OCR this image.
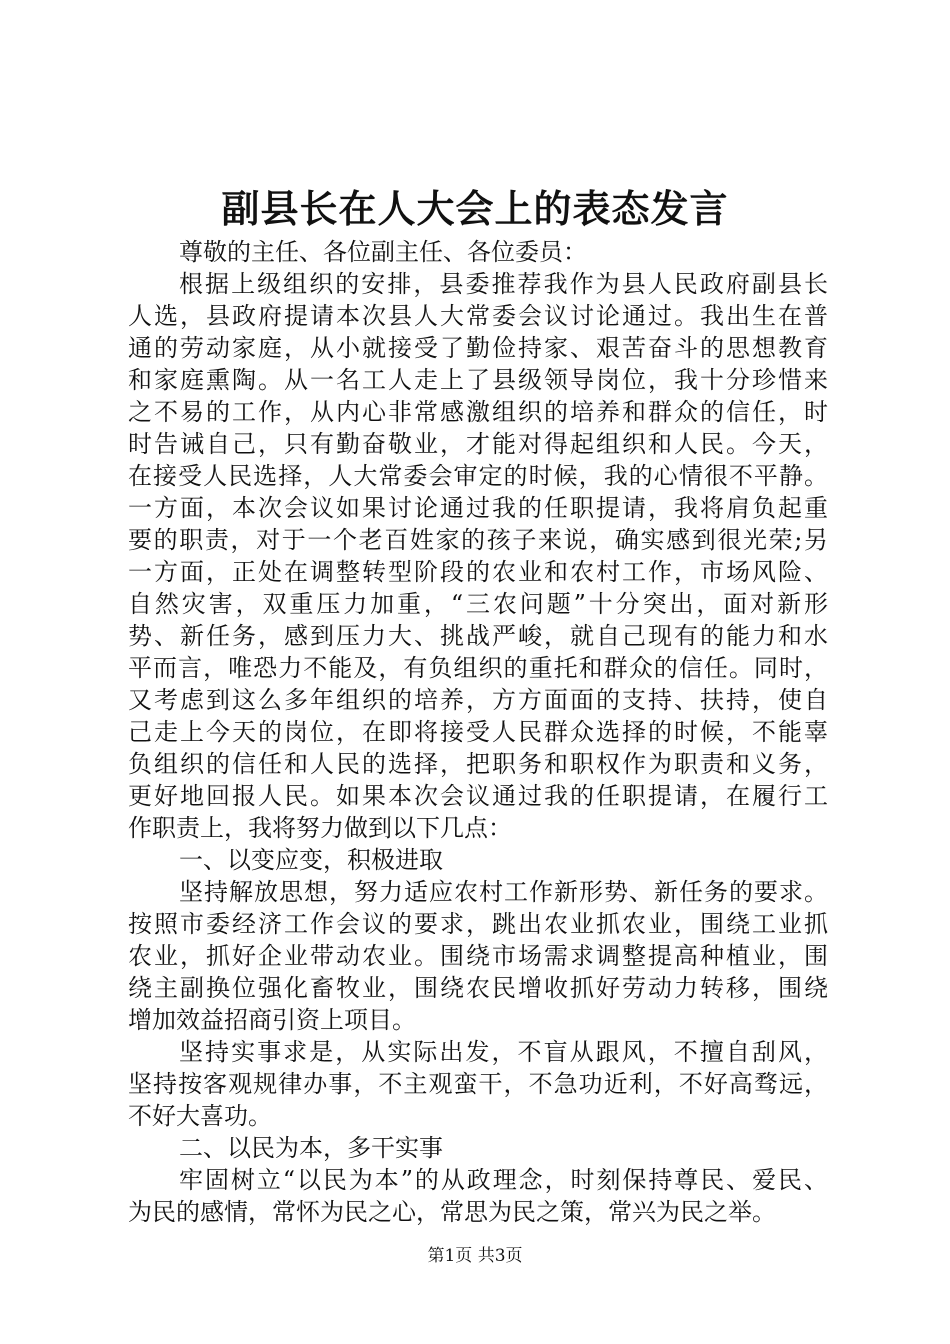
副县长在人大会上的表态发言
尊敬的主任、各位副主任、各位委员：
根据上级组织的安排，县委推荐我作为县人民政府副县长
人选，县政府提请本次县人大常委会议讨论通过。我出生在普
通的劳动家庭，从小就接受了勤俭持家、艰苦奋斗的思想教育
和家庭熏陶。从一名工人走上了县级领导岗位，我十分珍惜来
之不易的工作，从内心非常感激组织的培养和群众的信任，时
时告诫自己，只有勤奋敬业，才能对得起组织和人民。今天，
在接受人民选择，人大常委会审定的时候，我的心情很不平静。
一方面，本次会议如果讨论通过我的任职提请，我将肩负起重
要的职责，对于一个老百姓家的孩子来说，确实感到很光荣;另
一方面，正处在调整转型阶段的农业和农村工作，市场风险、
自然灾害，双重压力加重，“三农问题”十分突出，面对新形
势、新任务，感到压力大、挑战严峻，就自己现有的能力和水
平而言，唯恐力不能及，有负组织的重托和群众的信任。同时，
又考虑到这么多年组织的培养，方方面面的支持、扶持，使自
己走上今天的岗位，在即将接受人民群众选择的时候，不能辜
负组织的信任和人民的选择，把职务和职权作为职责和义务，
更好地回报人民。如果本次会议通过我的任职提请，在履行工
作职责上，我将努力做到以下几点：
一、以变应变，积极进取
坚持解放思想，努力适应农村工作新形势、新任务的要求。
按照市委经济工作会议的要求，跳出农业抓农业，围绕工业抓
农业，抓好企业带动农业。围绕市场需求调整提高种植业，围
绕主副换位强化畜牧业，围绕农民增收抓好劳动力转移，围绕
增加效益招商引资上项目。
坚持实事求是，从实际出发，不盲从跟风，不擅自刮风，
坚持按客观规律办事，不主观蛮干，不急功近利，不好高骛远，
不好大喜功。
二、以民为本，多干实事
牢固树立“以民为本”的从政理念，时刻保持尊民、爱民、
为民的感情，常怀为民之心，常思为民之策，常兴为民之举。
第1页 共3页
